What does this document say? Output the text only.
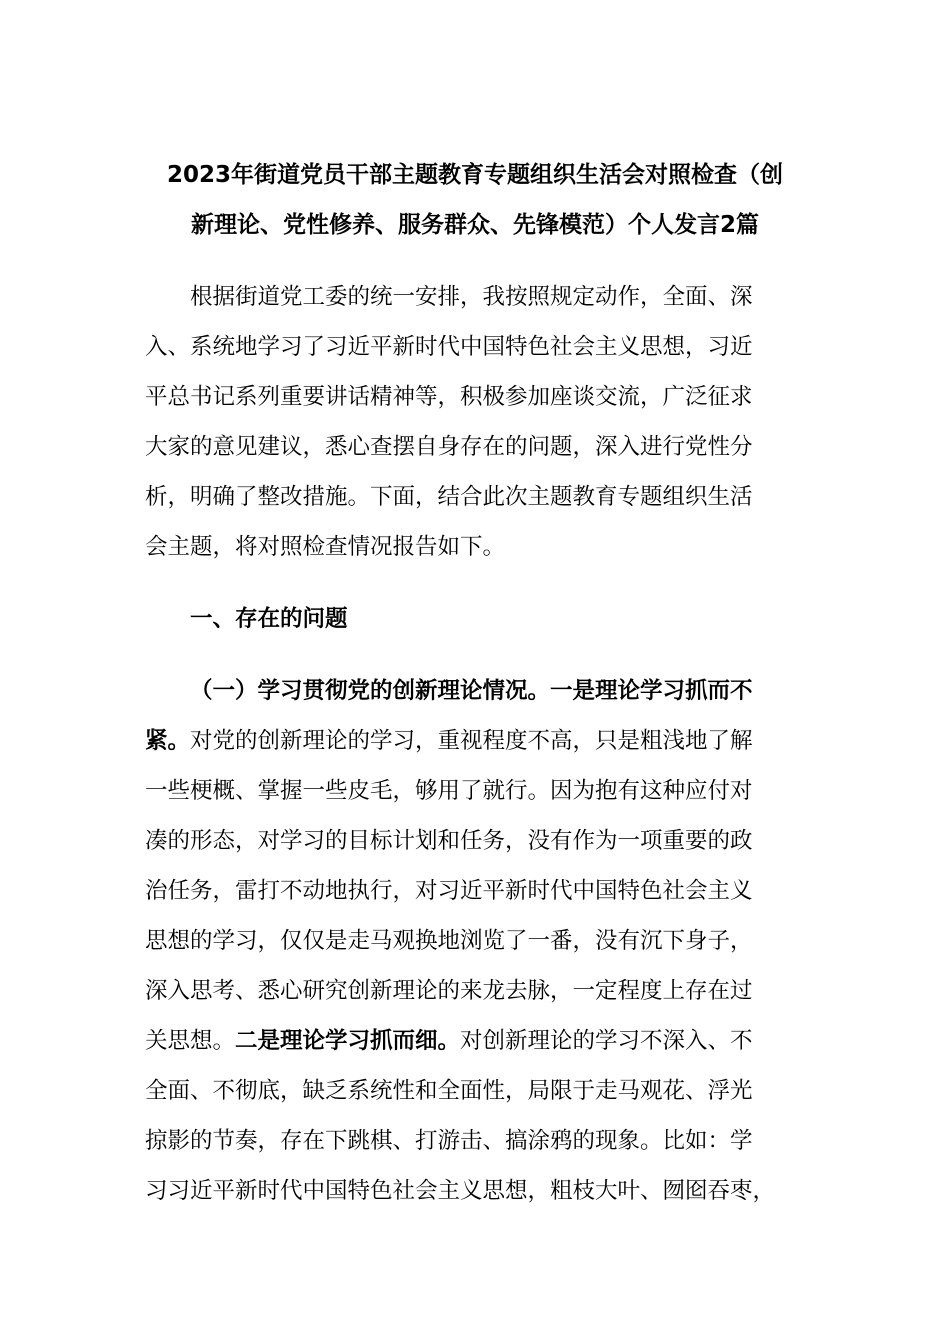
2023年街道党员干部主题教育专题组织生活会对照检查（创
新理论、党性修养、服务群众、先锋模范）个人发言2篇
根据街道党工委的统一安排，我按照规定动作，全面、深
入、系统地学习了习近平新时代中国特色社会主义思想，习近
平总书记系列重要讲话精神等，积极参加座谈交流，广泛征求
大家的意见建议，悉心查摆自身存在的问题，深入进行党性分
析，明确了整改措施。下面，结合此次主题教育专题组织生活
会主题，将对照检查情况报告如下。
一、存在的问题
（一）学习贯彻党的创新理论情况。一是理论学习抓而不
紧。对党的创新理论的学习，重视程度不高，只是粗浅地了解
一些梗概、掌握一些皮毛，够用了就行。因为抱有这种应付对
凑的形态，对学习的目标计划和任务，没有作为一项重要的政
治任务，雷打不动地执行，对习近平新时代中国特色社会主义
思想的学习，仅仅是走马观换地浏览了一番，没有沉下身子，
深入思考、悉心研究创新理论的来龙去脉，一定程度上存在过
关思想。二是理论学习抓而细。对创新理论的学习不深入、不
全面、不彻底，缺乏系统性和全面性，局限于走马观花、浮光
掠影的节奏，存在下跳棋、打游击、搞涂鸦的现象。比如：学
习习近平新时代中国特色社会主义思想，粗枝大叶、囫囵吞枣，
